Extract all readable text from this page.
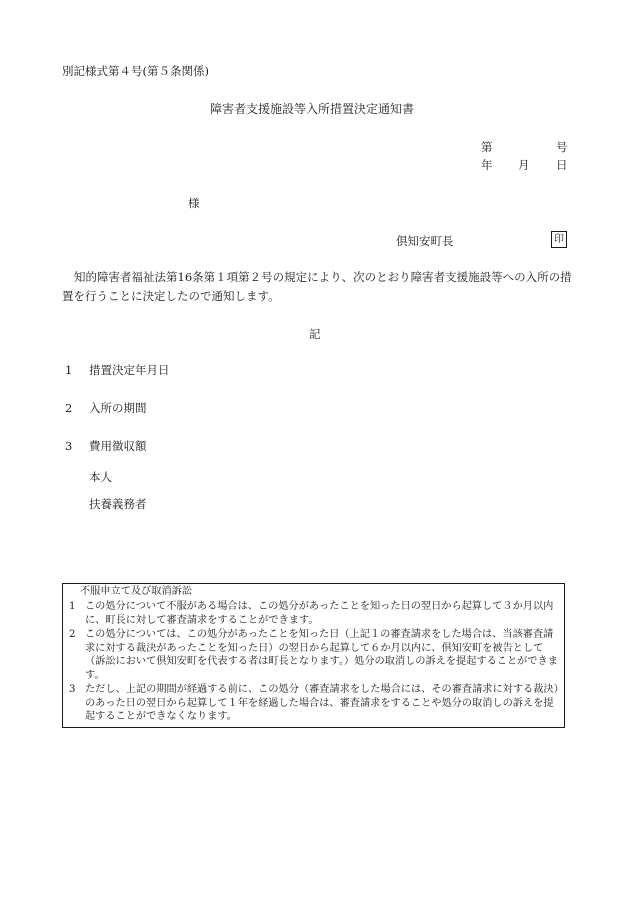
別記様式第４号(第５条関係)
障害者支援施設等入所措置決定通知書
第	号
年 月 日
様
倶知安町長	印
知的障害者福祉法第16条第１項第２号の規定により、次のとおり障害者支援施設等への入所の措置を行うことに決定したので通知します。
記
1 措置決定年月日
2 入所の期間
3 費用徴収額
本人
扶養義務者
不服申立て及び取消訴訟
1 この処分について不服がある場合は、この処分があったことを知った日の翌日から起算して３か月以内に、町長に対して審査請求をすることができます。
2 この処分については、この処分があったことを知った日（上記１の審査請求をした場合は、当該審査請求に対する裁決があったことを知った日）の翌日から起算して６か月以内に、倶知安町を被告として（訴訟において倶知安町を代表する者は町長となります。）処分の取消しの訴えを提起することができます。
3 ただし、上記の期間が経過する前に、この処分（審査請求をした場合には、その審査請求に対する裁決）のあった日の翌日から起算して１年を経過した場合は、審査請求をすることや処分の取消しの訴えを提起することができなくなります。
